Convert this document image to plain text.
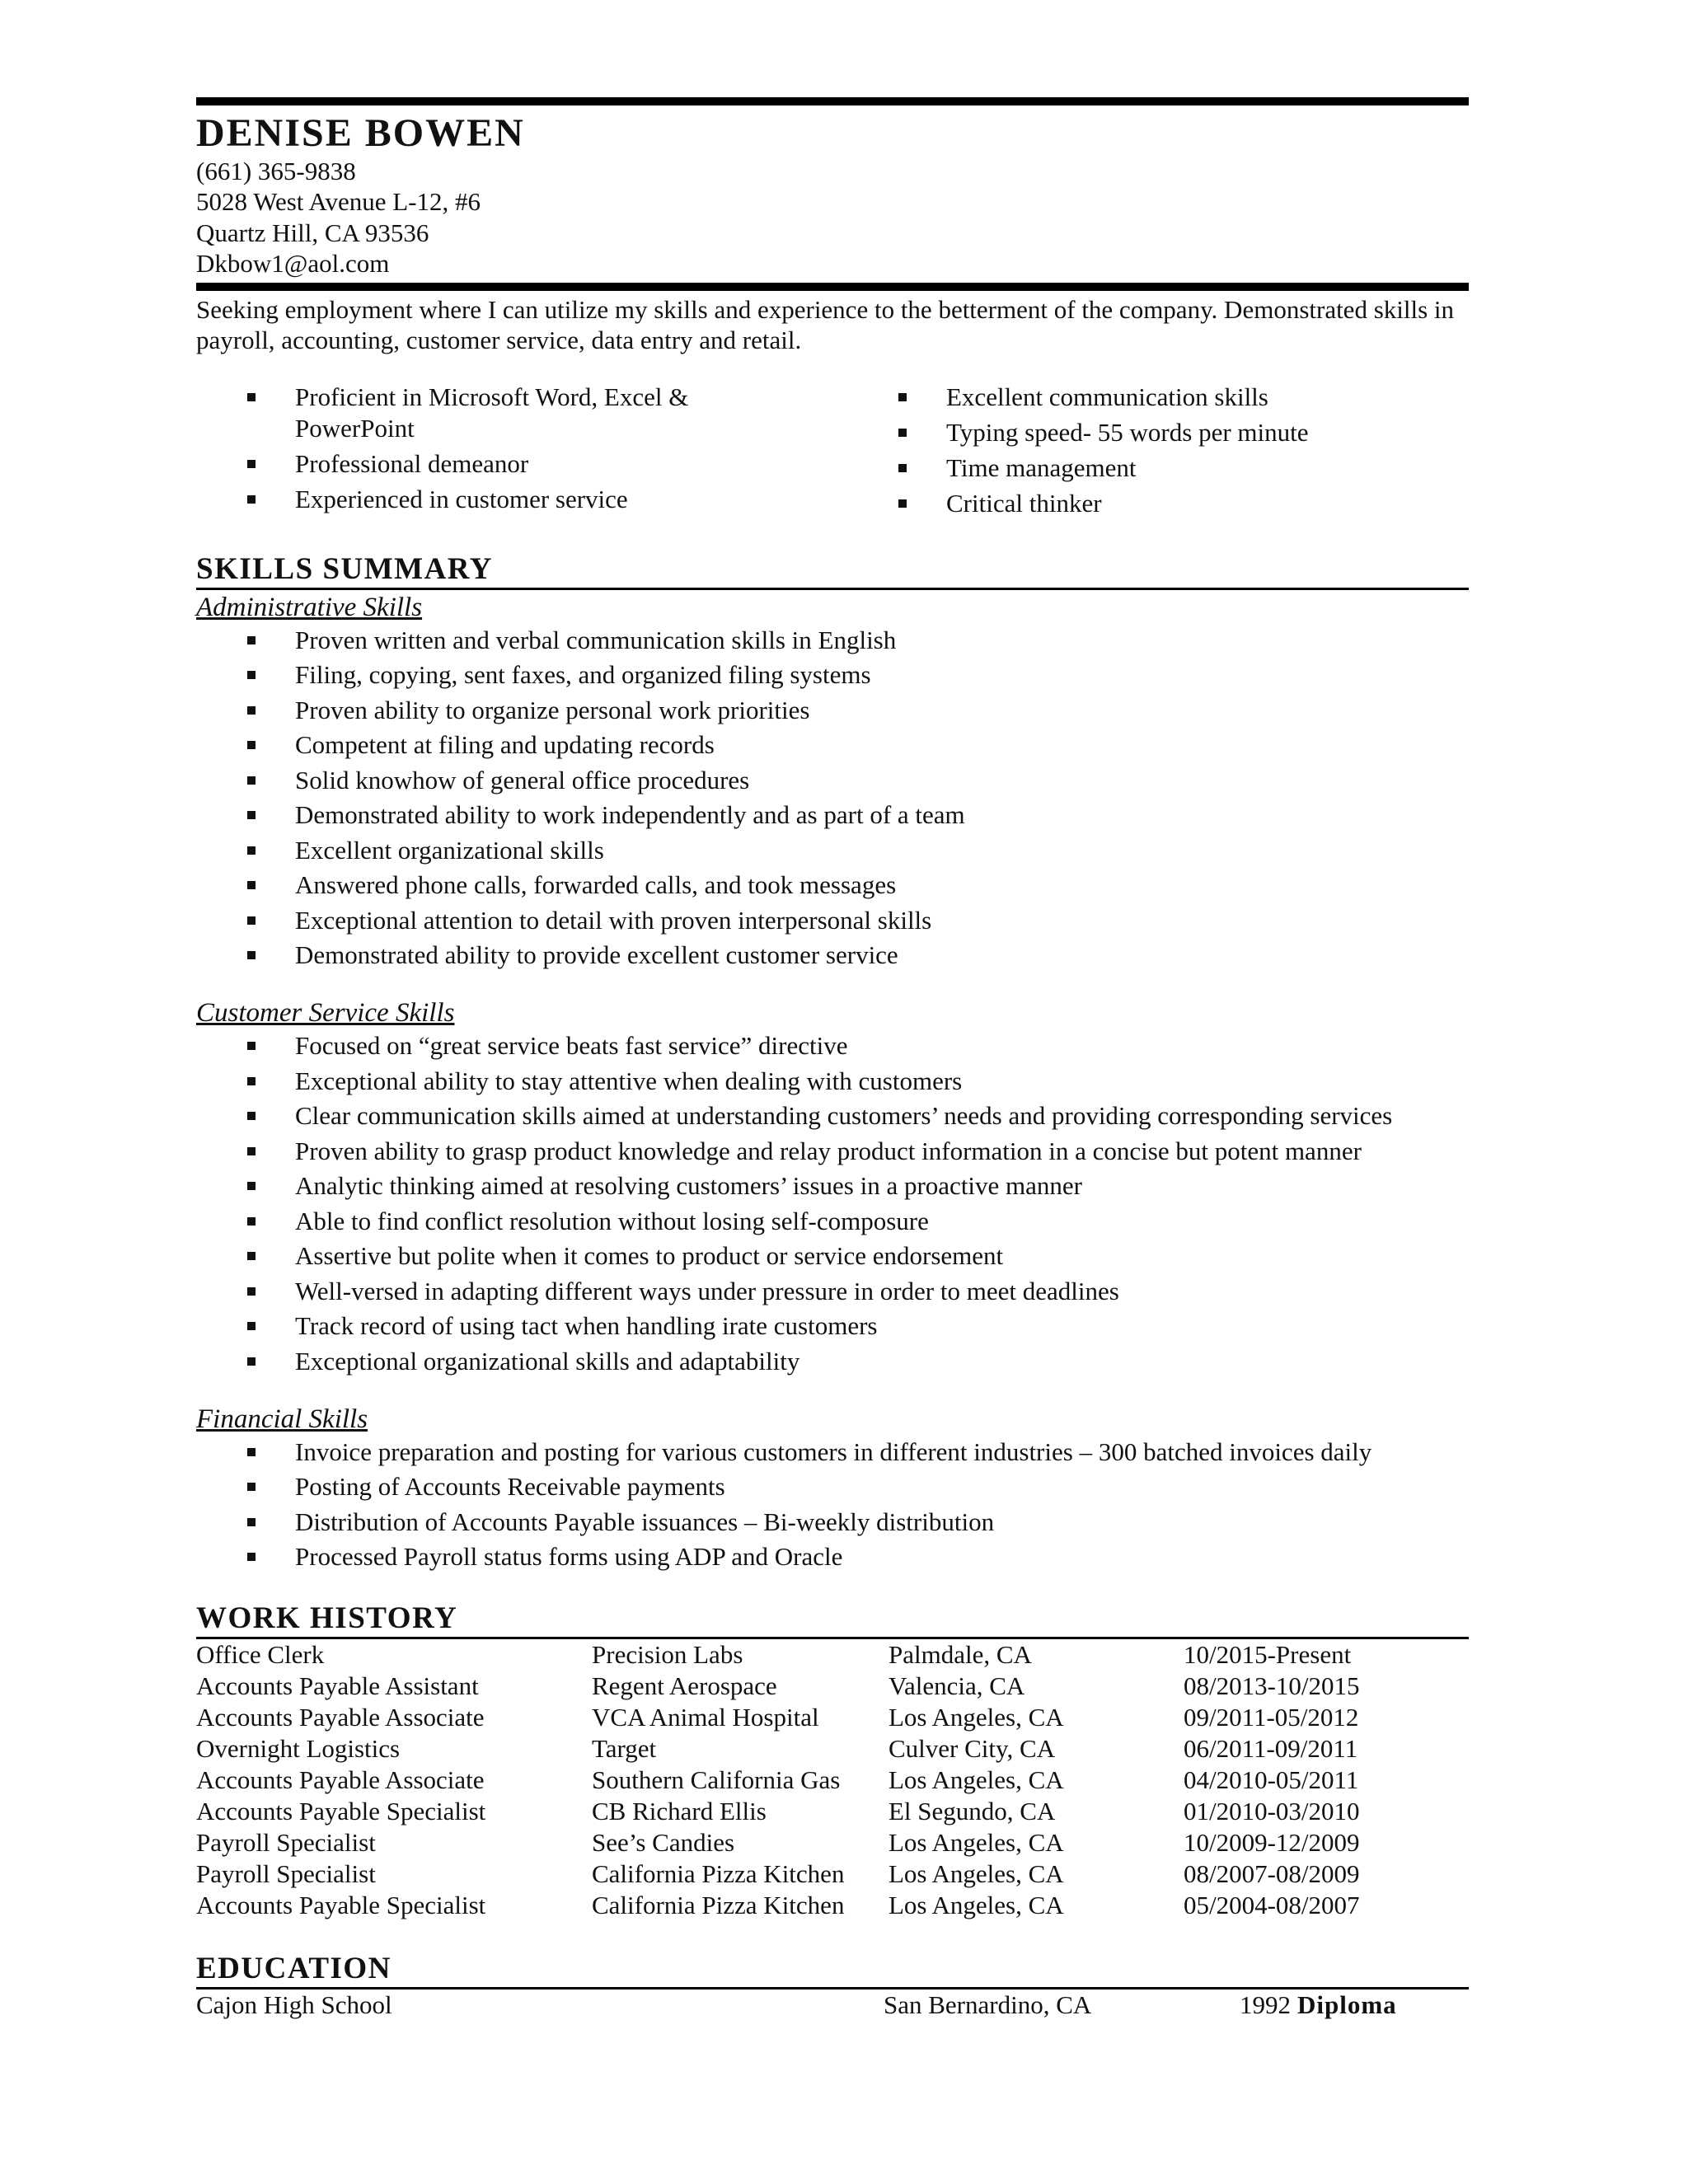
DENISE BOWEN
(661) 365-9838
5028 West Avenue L-12, #6
Quartz Hill, CA 93536
Dkbow1@aol.com
Seeking employment where I can utilize my skills and experience to the betterment of the company. Demonstrated skills in payroll, accounting, customer service, data entry and retail.
Proficient in Microsoft Word, Excel & PowerPoint
Professional demeanor
Experienced in customer service
Excellent communication skills
Typing speed- 55 words per minute
Time management
Critical thinker
SKILLS SUMMARY
Administrative Skills
Proven written and verbal communication skills in English
Filing, copying, sent faxes, and organized filing systems
Proven ability to organize personal work priorities
Competent at filing and updating records
Solid knowhow of general office procedures
Demonstrated ability to work independently and as part of a team
Excellent organizational skills
Answered phone calls, forwarded calls, and took messages
Exceptional attention to detail with proven interpersonal skills
Demonstrated ability to provide excellent customer service
Customer Service Skills
Focused on “great service beats fast service” directive
Exceptional ability to stay attentive when dealing with customers
Clear communication skills aimed at understanding customers’ needs and providing corresponding services
Proven ability to grasp product knowledge and relay product information in a concise but potent manner
Analytic thinking aimed at resolving customers’ issues in a proactive manner
Able to find conflict resolution without losing self-composure
Assertive but polite when it comes to product or service endorsement
Well-versed in adapting different ways under pressure in order to meet deadlines
Track record of using tact when handling irate customers
Exceptional organizational skills and adaptability
Financial Skills
Invoice preparation and posting for various customers in different industries – 300 batched invoices daily
Posting of Accounts Receivable payments
Distribution of Accounts Payable issuances – Bi-weekly distribution
Processed Payroll status forms using ADP and Oracle
WORK HISTORY
Office Clerk	Precision Labs	Palmdale, CA	10/2015-Present
Accounts Payable Assistant	Regent Aerospace	Valencia, CA	08/2013-10/2015
Accounts Payable Associate	VCA Animal Hospital	Los Angeles, CA	09/2011-05/2012
Overnight Logistics	Target	Culver City, CA	06/2011-09/2011
Accounts Payable Associate	Southern California Gas	Los Angeles, CA	04/2010-05/2011
Accounts Payable Specialist	CB Richard Ellis	El Segundo, CA	01/2010-03/2010
Payroll Specialist	See’s Candies	Los Angeles, CA	10/2009-12/2009
Payroll Specialist	California Pizza Kitchen	Los Angeles, CA	08/2007-08/2009
Accounts Payable Specialist	California Pizza Kitchen	Los Angeles, CA	05/2004-08/2007
EDUCATION
Cajon High School	San Bernardino, CA	1992 Diploma
